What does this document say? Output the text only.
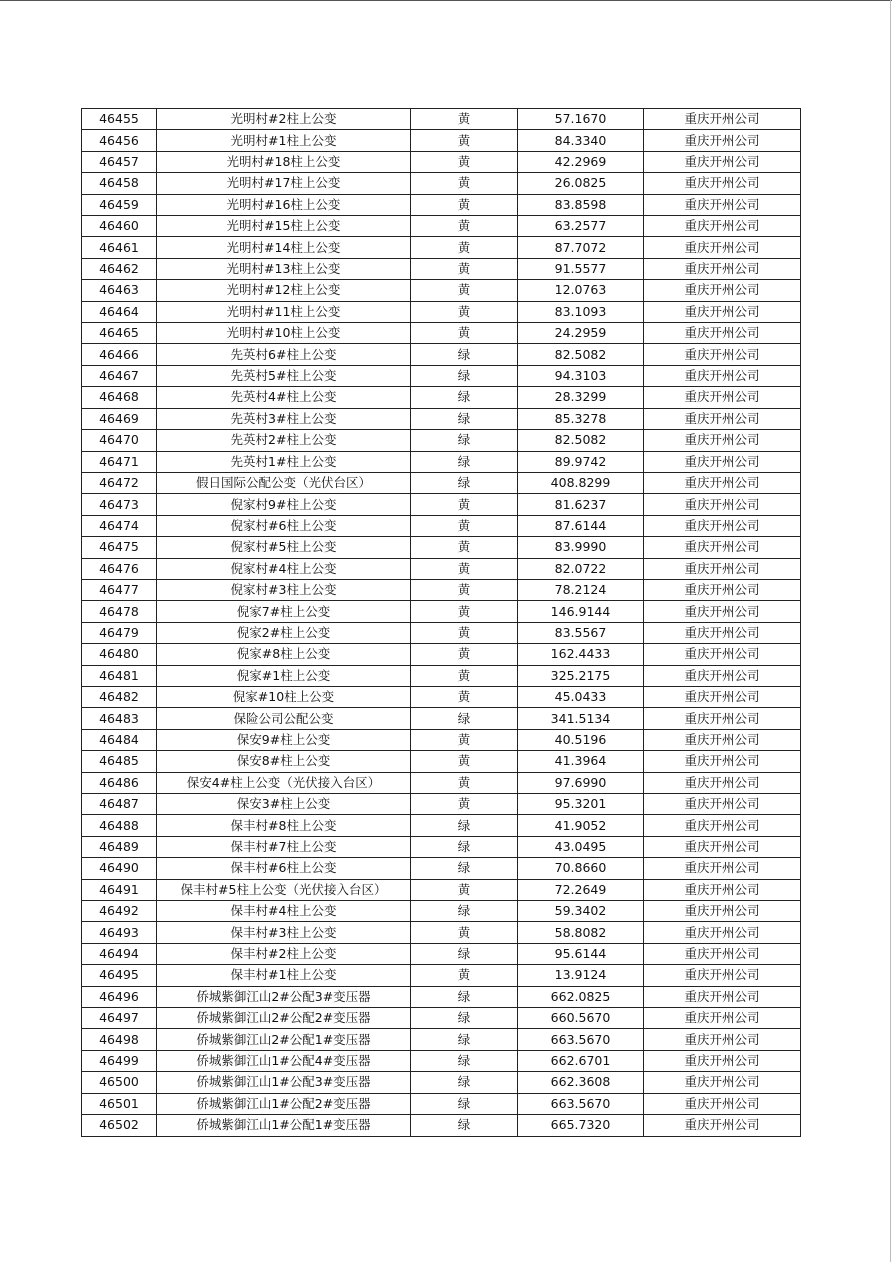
46455	光明村#2柱上公变	黄	57.1670	重庆开州公司
46456	光明村#1柱上公变	黄	84.3340	重庆开州公司
46457	光明村#18柱上公变	黄	42.2969	重庆开州公司
46458	光明村#17柱上公变	黄	26.0825	重庆开州公司
46459	光明村#16柱上公变	黄	83.8598	重庆开州公司
46460	光明村#15柱上公变	黄	63.2577	重庆开州公司
46461	光明村#14柱上公变	黄	87.7072	重庆开州公司
46462	光明村#13柱上公变	黄	91.5577	重庆开州公司
46463	光明村#12柱上公变	黄	12.0763	重庆开州公司
46464	光明村#11柱上公变	黄	83.1093	重庆开州公司
46465	光明村#10柱上公变	黄	24.2959	重庆开州公司
46466	先英村6#柱上公变	绿	82.5082	重庆开州公司
46467	先英村5#柱上公变	绿	94.3103	重庆开州公司
46468	先英村4#柱上公变	绿	28.3299	重庆开州公司
46469	先英村3#柱上公变	绿	85.3278	重庆开州公司
46470	先英村2#柱上公变	绿	82.5082	重庆开州公司
46471	先英村1#柱上公变	绿	89.9742	重庆开州公司
46472	假日国际公配公变（光伏台区）	绿	408.8299	重庆开州公司
46473	倪家村9#柱上公变	黄	81.6237	重庆开州公司
46474	倪家村#6柱上公变	黄	87.6144	重庆开州公司
46475	倪家村#5柱上公变	黄	83.9990	重庆开州公司
46476	倪家村#4柱上公变	黄	82.0722	重庆开州公司
46477	倪家村#3柱上公变	黄	78.2124	重庆开州公司
46478	倪家7#柱上公变	黄	146.9144	重庆开州公司
46479	倪家2#柱上公变	黄	83.5567	重庆开州公司
46480	倪家#8柱上公变	黄	162.4433	重庆开州公司
46481	倪家#1柱上公变	黄	325.2175	重庆开州公司
46482	倪家#10柱上公变	黄	45.0433	重庆开州公司
46483	保险公司公配公变	绿	341.5134	重庆开州公司
46484	保安9#柱上公变	黄	40.5196	重庆开州公司
46485	保安8#柱上公变	黄	41.3964	重庆开州公司
46486	保安4#柱上公变（光伏接入台区）	黄	97.6990	重庆开州公司
46487	保安3#柱上公变	黄	95.3201	重庆开州公司
46488	保丰村#8柱上公变	绿	41.9052	重庆开州公司
46489	保丰村#7柱上公变	绿	43.0495	重庆开州公司
46490	保丰村#6柱上公变	绿	70.8660	重庆开州公司
46491	保丰村#5柱上公变（光伏接入台区）	黄	72.2649	重庆开州公司
46492	保丰村#4柱上公变	绿	59.3402	重庆开州公司
46493	保丰村#3柱上公变	黄	58.8082	重庆开州公司
46494	保丰村#2柱上公变	绿	95.6144	重庆开州公司
46495	保丰村#1柱上公变	黄	13.9124	重庆开州公司
46496	侨城紫御江山2#公配3#变压器	绿	662.0825	重庆开州公司
46497	侨城紫御江山2#公配2#变压器	绿	660.5670	重庆开州公司
46498	侨城紫御江山2#公配1#变压器	绿	663.5670	重庆开州公司
46499	侨城紫御江山1#公配4#变压器	绿	662.6701	重庆开州公司
46500	侨城紫御江山1#公配3#变压器	绿	662.3608	重庆开州公司
46501	侨城紫御江山1#公配2#变压器	绿	663.5670	重庆开州公司
46502	侨城紫御江山1#公配1#变压器	绿	665.7320	重庆开州公司
